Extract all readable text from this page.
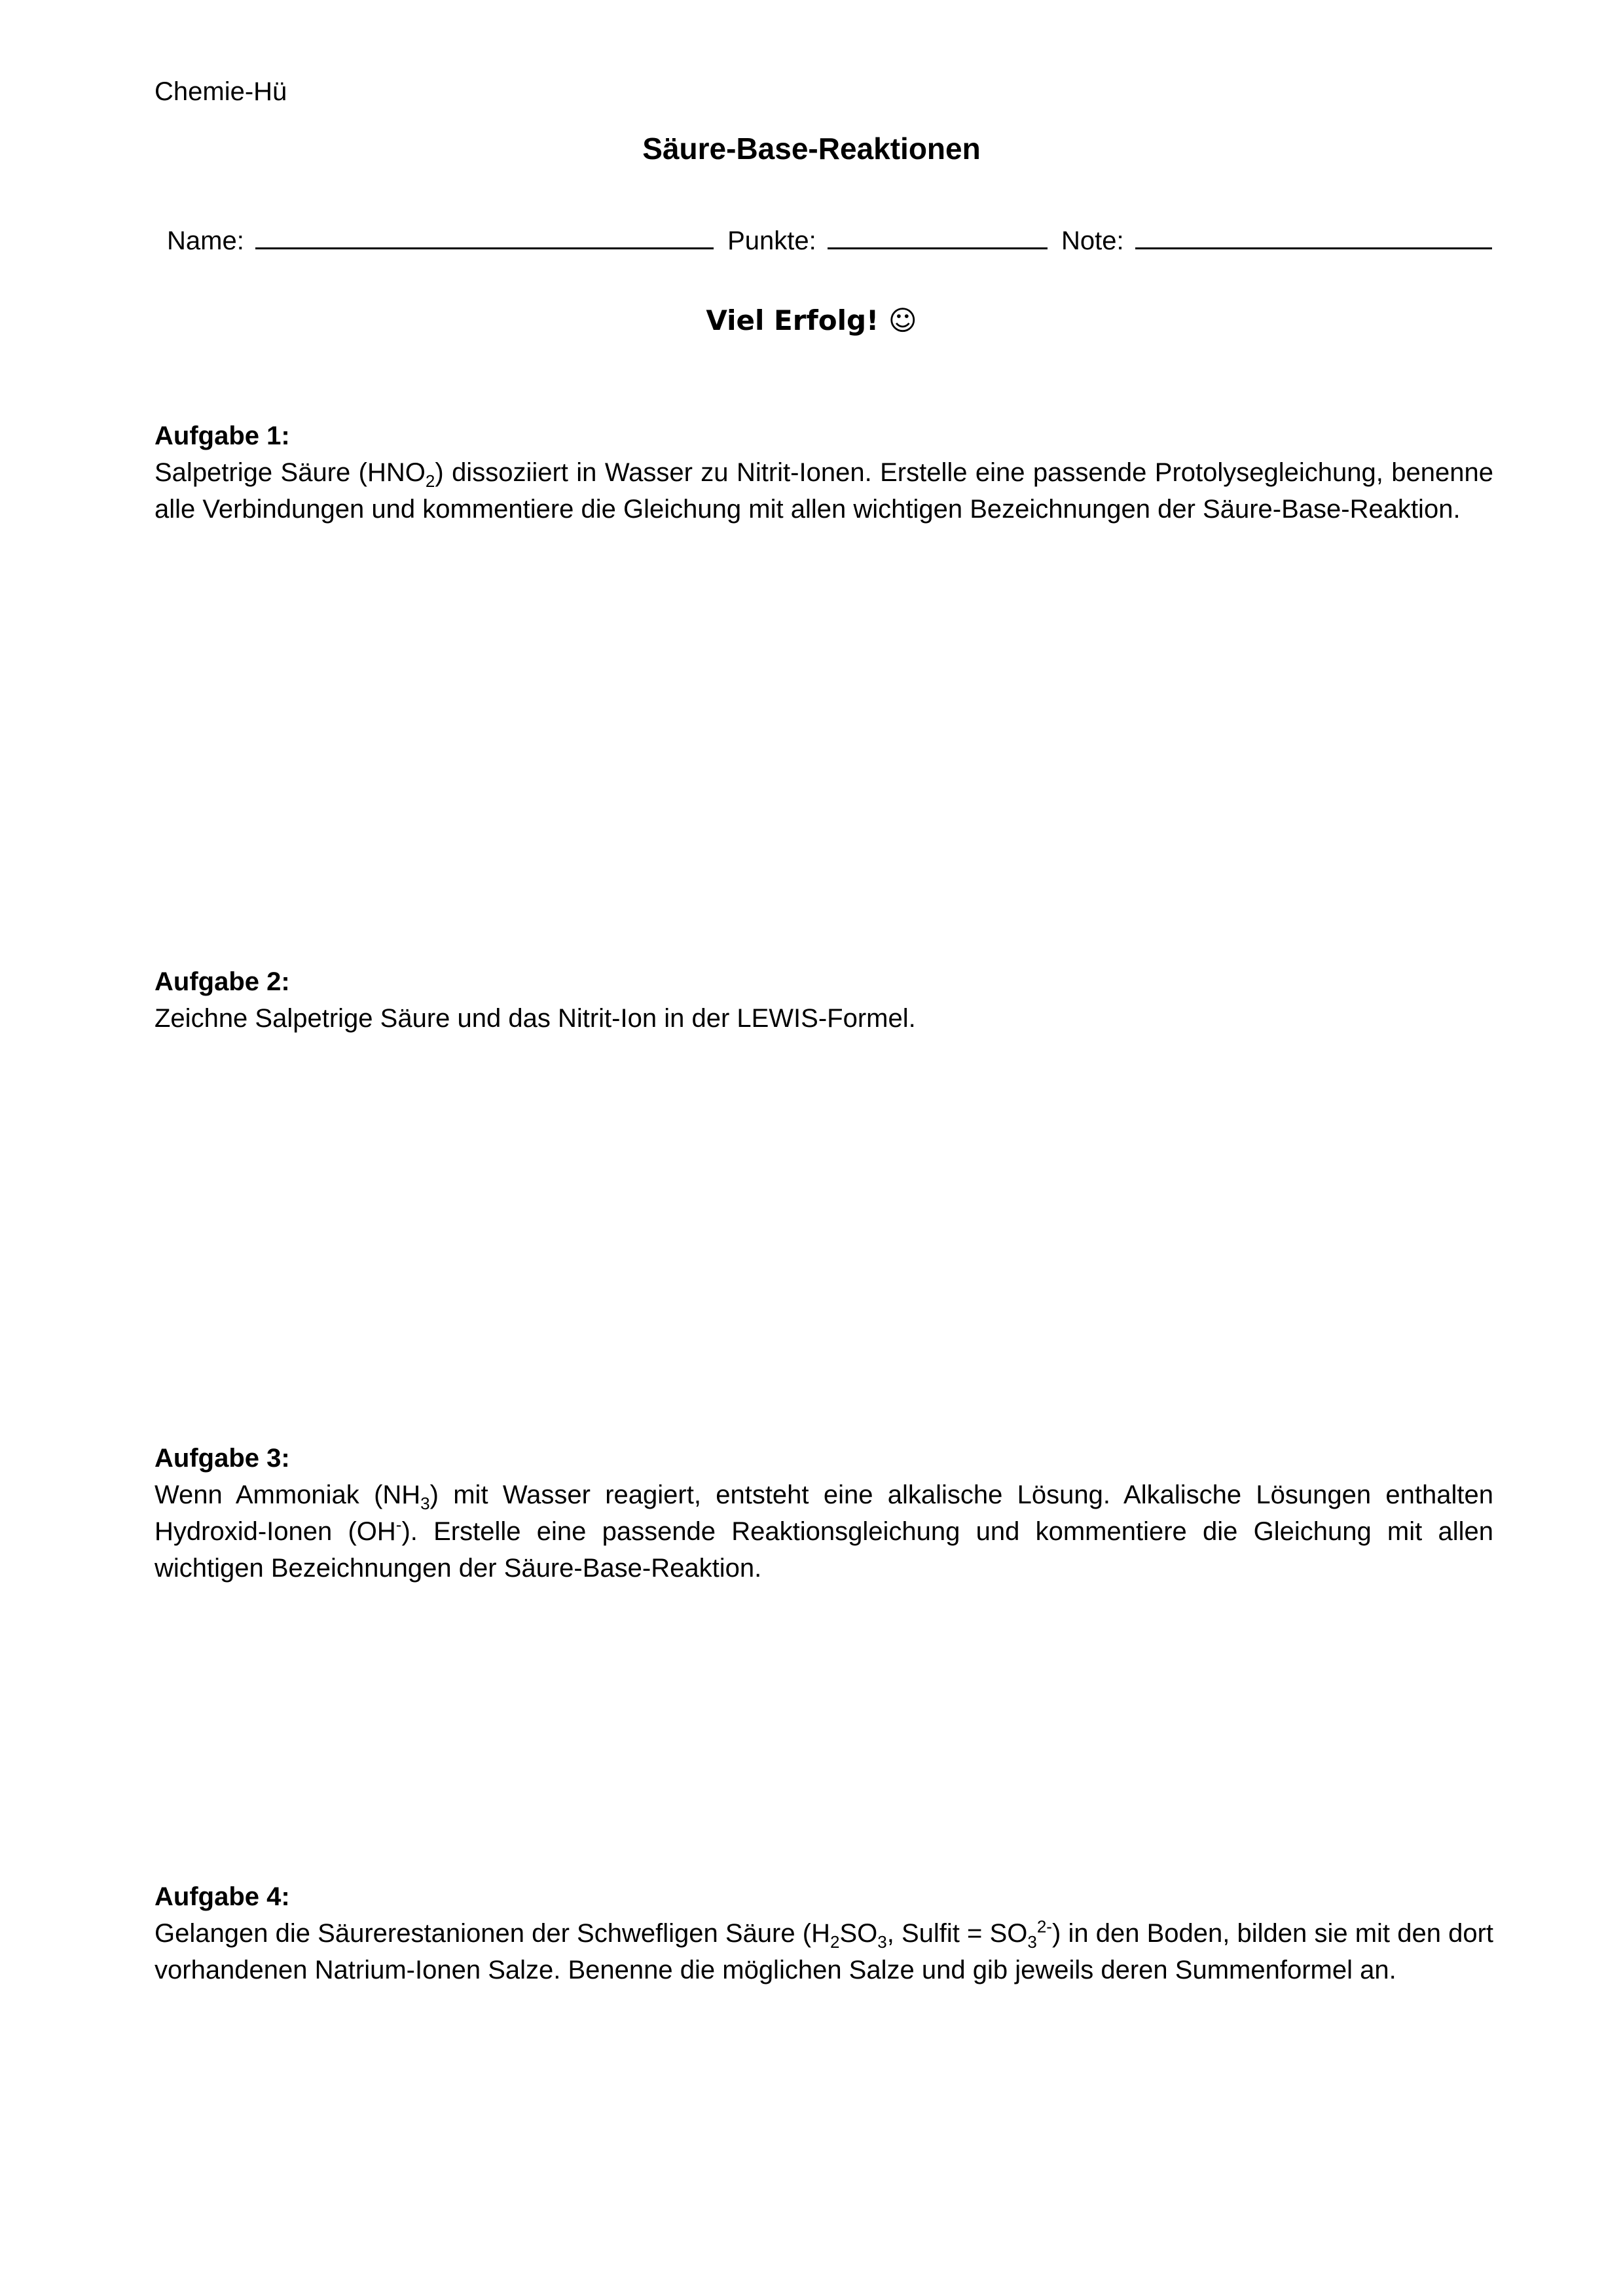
Chemie-Hü
Säure-Base-Reaktionen
Name:	Punkte:	Note:
Viel Erfolg! ☺
Aufgabe 1:
Salpetrige Säure $(HNO_2)$ dissoziiert in Wasser zu Nitrit-Ionen. Erstelle eine passende Protolysegleichung, benenne alle Verbindungen und kommentiere die Gleichung mit allen wichtigen Bezeichnungen der Säure-Base-Reaktion.
Aufgabe 2:
Zeichne Salpetrige Säure und das Nitrit-Ion in der LEWIS-Formel.
Aufgabe 3:
Wenn Ammoniak $(NH_3)$ mit Wasser reagiert, entsteht eine alkalische Lösung. Alkalische Lösungen enthalten Hydroxid-Ionen (OH-). Erstelle eine passende Reaktionsgleichung und kommentiere die Gleichung mit allen wichtigen Bezeichnungen der Säure-Base-Reaktion.
Aufgabe 4:
Gelangen die Säurerestanionen der Schwefligen Säure ($H_2SO_3$, Sulfit = $SO_3^{2-}$) in den Boden, bilden sie mit den dort vorhandenen Natrium-Ionen Salze. Benenne die möglichen Salze und gib jeweils deren Summenformel an.
